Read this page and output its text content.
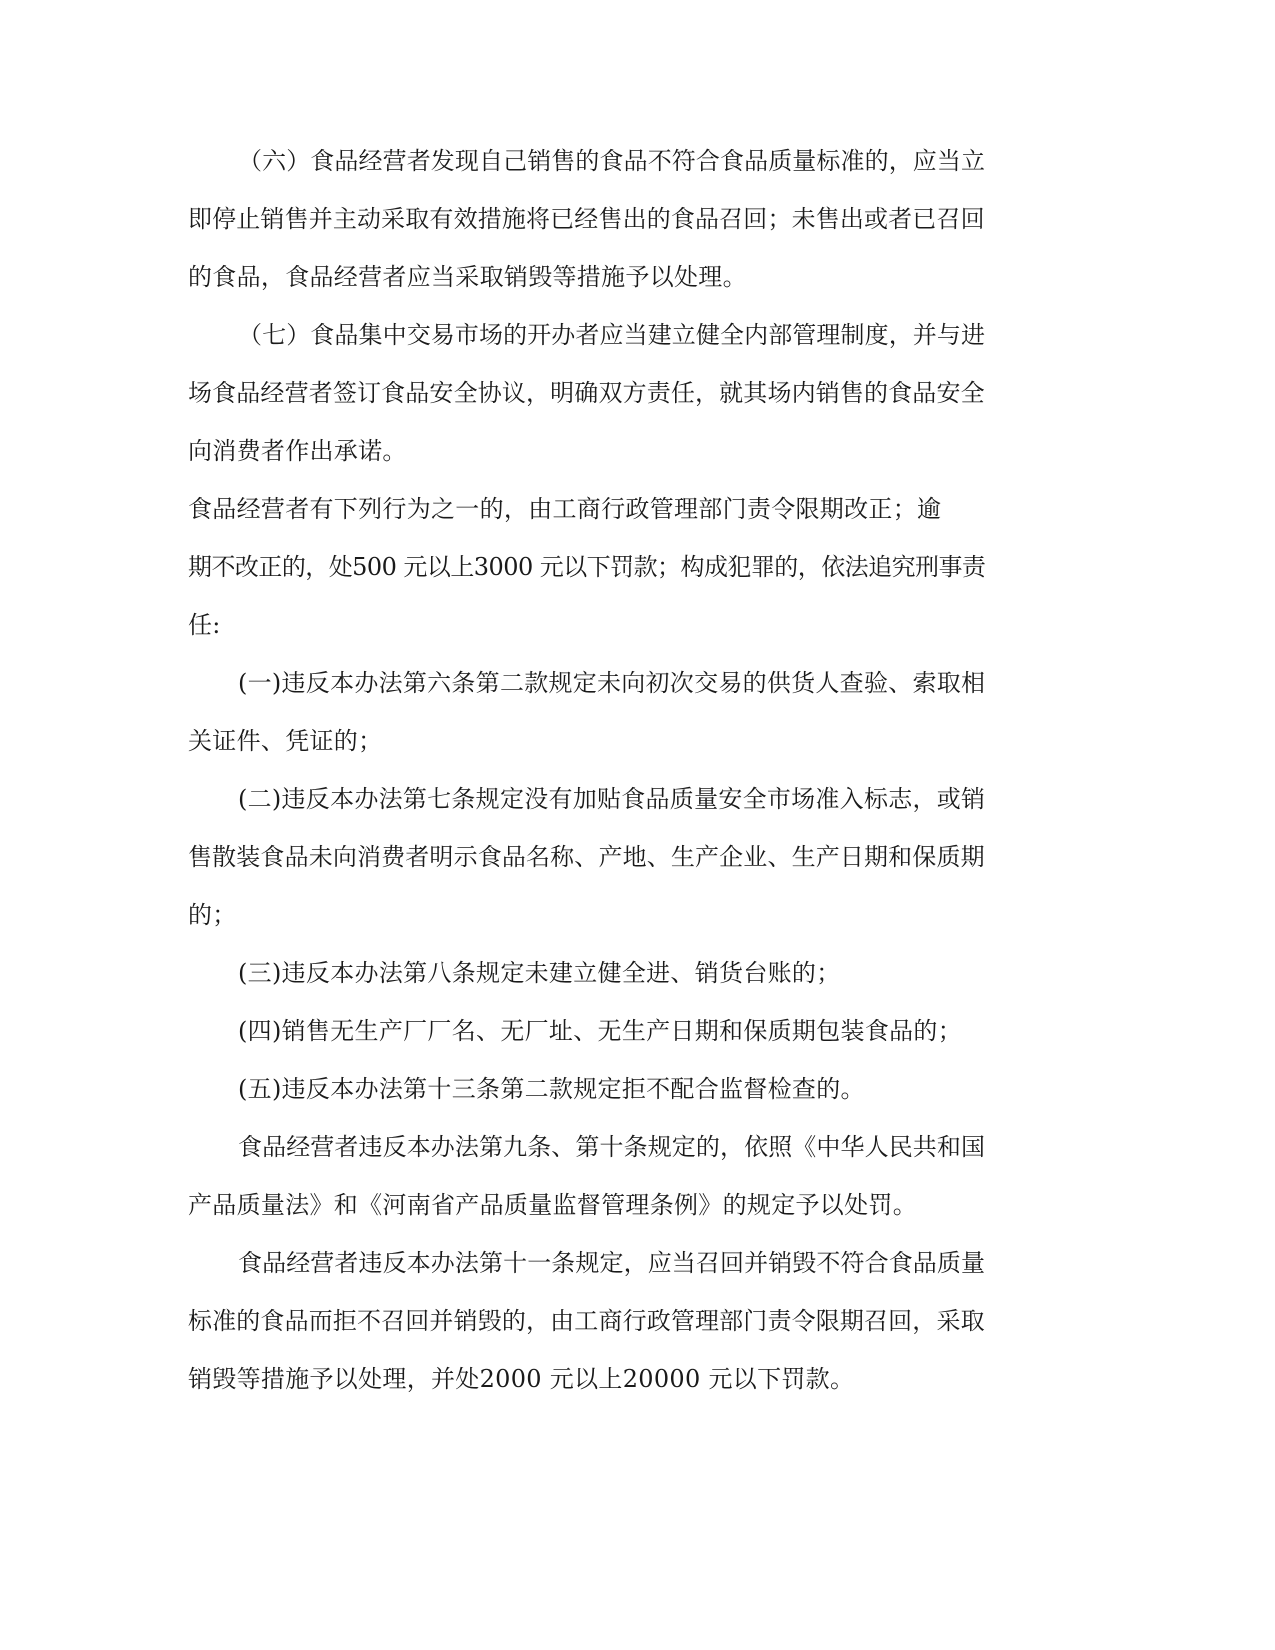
（六）食品经营者发现自己销售的食品不符合食品质量标准的，应当立
即停止销售并主动采取有效措施将已经售出的食品召回；未售出或者已召回
的食品，食品经营者应当采取销毁等措施予以处理。
（七）食品集中交易市场的开办者应当建立健全内部管理制度，并与进
场食品经营者签订食品安全协议，明确双方责任，就其场内销售的食品安全
向消费者作出承诺。
食品经营者有下列行为之一的，由工商行政管理部门责令限期改正；逾
期不改正的，处500 元以上3000 元以下罚款；构成犯罪的，依法追究刑事责
任:
(一)违反本办法第六条第二款规定未向初次交易的供货人查验、索取相
关证件、凭证的；
(二)违反本办法第七条规定没有加贴食品质量安全市场准入标志，或销
售散装食品未向消费者明示食品名称、产地、生产企业、生产日期和保质期
的；
(三)违反本办法第八条规定未建立健全进、销货台账的；
(四)销售无生产厂厂名、无厂址、无生产日期和保质期包装食品的；
(五)违反本办法第十三条第二款规定拒不配合监督检查的。
食品经营者违反本办法第九条、第十条规定的，依照《中华人民共和国
产品质量法》和《河南省产品质量监督管理条例》的规定予以处罚。
食品经营者违反本办法第十一条规定，应当召回并销毁不符合食品质量
标准的食品而拒不召回并销毁的，由工商行政管理部门责令限期召回，采取
销毁等措施予以处理，并处2000 元以上20000 元以下罚款。
